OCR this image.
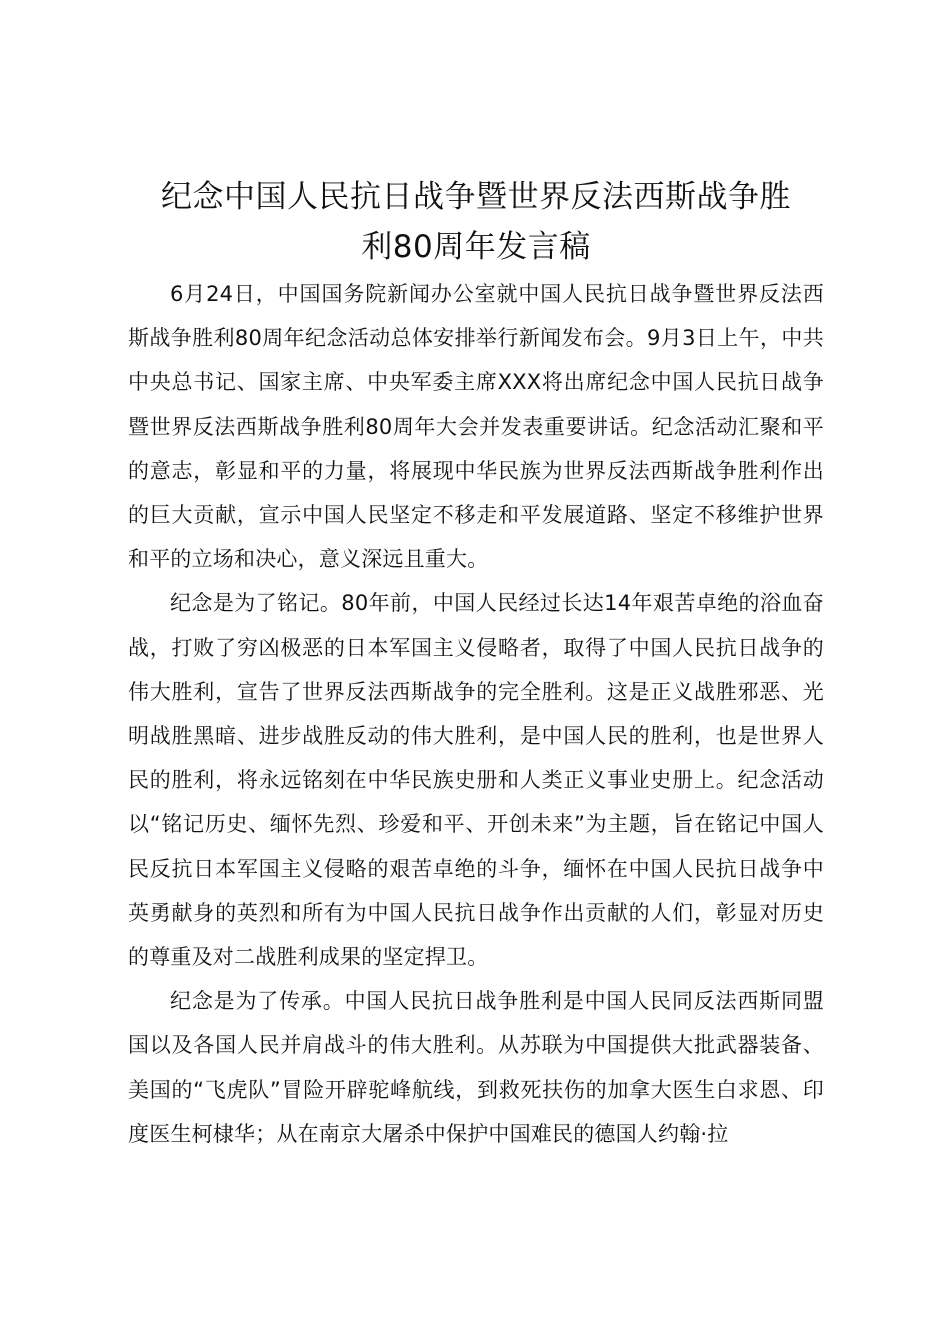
纪念中国人民抗日战争暨世界反法西斯战争胜
利80周年发言稿

6月24日，中国国务院新闻办公室就中国人民抗日战争暨世界反法西斯战争胜利80周年纪念活动总体安排举行新闻发布会。9月3日上午，中共中央总书记、国家主席、中央军委主席XXX将出席纪念中国人民抗日战争暨世界反法西斯战争胜利80周年大会并发表重要讲话。纪念活动汇聚和平的意志，彰显和平的力量，将展现中华民族为世界反法西斯战争胜利作出的巨大贡献，宣示中国人民坚定不移走和平发展道路、坚定不移维护世界和平的立场和决心，意义深远且重大。

纪念是为了铭记。80年前，中国人民经过长达14年艰苦卓绝的浴血奋战，打败了穷凶极恶的日本军国主义侵略者，取得了中国人民抗日战争的伟大胜利，宣告了世界反法西斯战争的完全胜利。这是正义战胜邪恶、光明战胜黑暗、进步战胜反动的伟大胜利，是中国人民的胜利，也是世界人民的胜利，将永远铭刻在中华民族史册和人类正义事业史册上。纪念活动以“铭记历史、缅怀先烈、珍爱和平、开创未来”为主题，旨在铭记中国人民反抗日本军国主义侵略的艰苦卓绝的斗争，缅怀在中国人民抗日战争中英勇献身的英烈和所有为中国人民抗日战争作出贡献的人们，彰显对历史的尊重及对二战胜利成果的坚定捍卫。

纪念是为了传承。中国人民抗日战争胜利是中国人民同反法西斯同盟国以及各国人民并肩战斗的伟大胜利。从苏联为中国提供大批武器装备、美国的“飞虎队”冒险开辟驼峰航线，到救死扶伤的加拿大医生白求恩、印度医生柯棣华；从在南京大屠杀中保护中国难民的德国人约翰·拉
